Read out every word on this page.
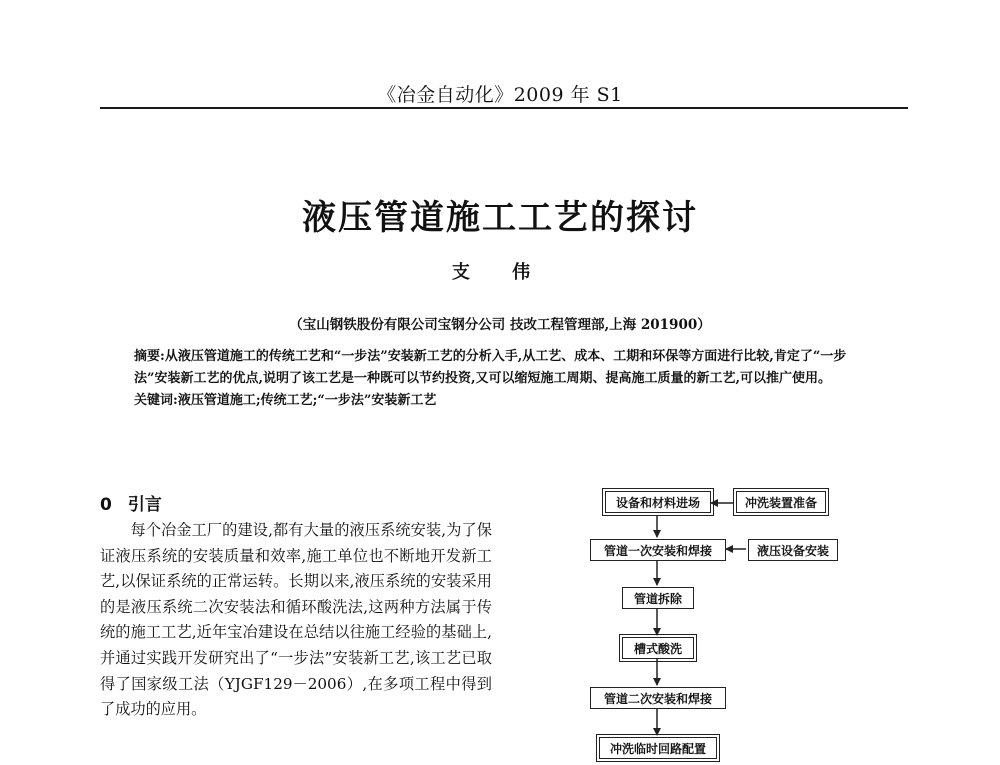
《冶金自动化》2009 年 S1
液压管道施工工艺的探讨
支 伟
（宝山钢铁股份有限公司宝钢分公司 技改工程管理部,上海 201900）

摘要:从液压管道施工的传统工艺和“一步法”安装新工艺的分析入手,从工艺、成本、工期和环保等方面进行比较,肯定了“一步法”安装新工艺的优点,说明了该工艺是一种既可以节约投资,又可以缩短施工周期、提高施工质量的新工艺,可以推广使用。

关键词:液压管道施工;传统工艺;“一步法”安装新工艺

0 引言

每个冶金工厂的建设,都有大量的液压系统安装,为了保证液压系统的安装质量和效率,施工单位也不断地开发新工艺,以保证系统的正常运转。长期以来,液压系统的安装采用的是液压系统二次安装法和循环酸洗法,这两种方法属于传统的施工工艺,近年宝冶建设在总结以往施工经验的基础上,并通过实践开发研究出了“一步法”安装新工艺,该工艺已取得了国家级工法（YJGF129－2006）,在多项工程中得到了成功的应用。

设备和材料进场
管道一次安装和焊接
管道拆除
槽式酸洗
管道二次安装和焊接
冲洗临时回路配置
冲洗装置准备
液压设备安装
